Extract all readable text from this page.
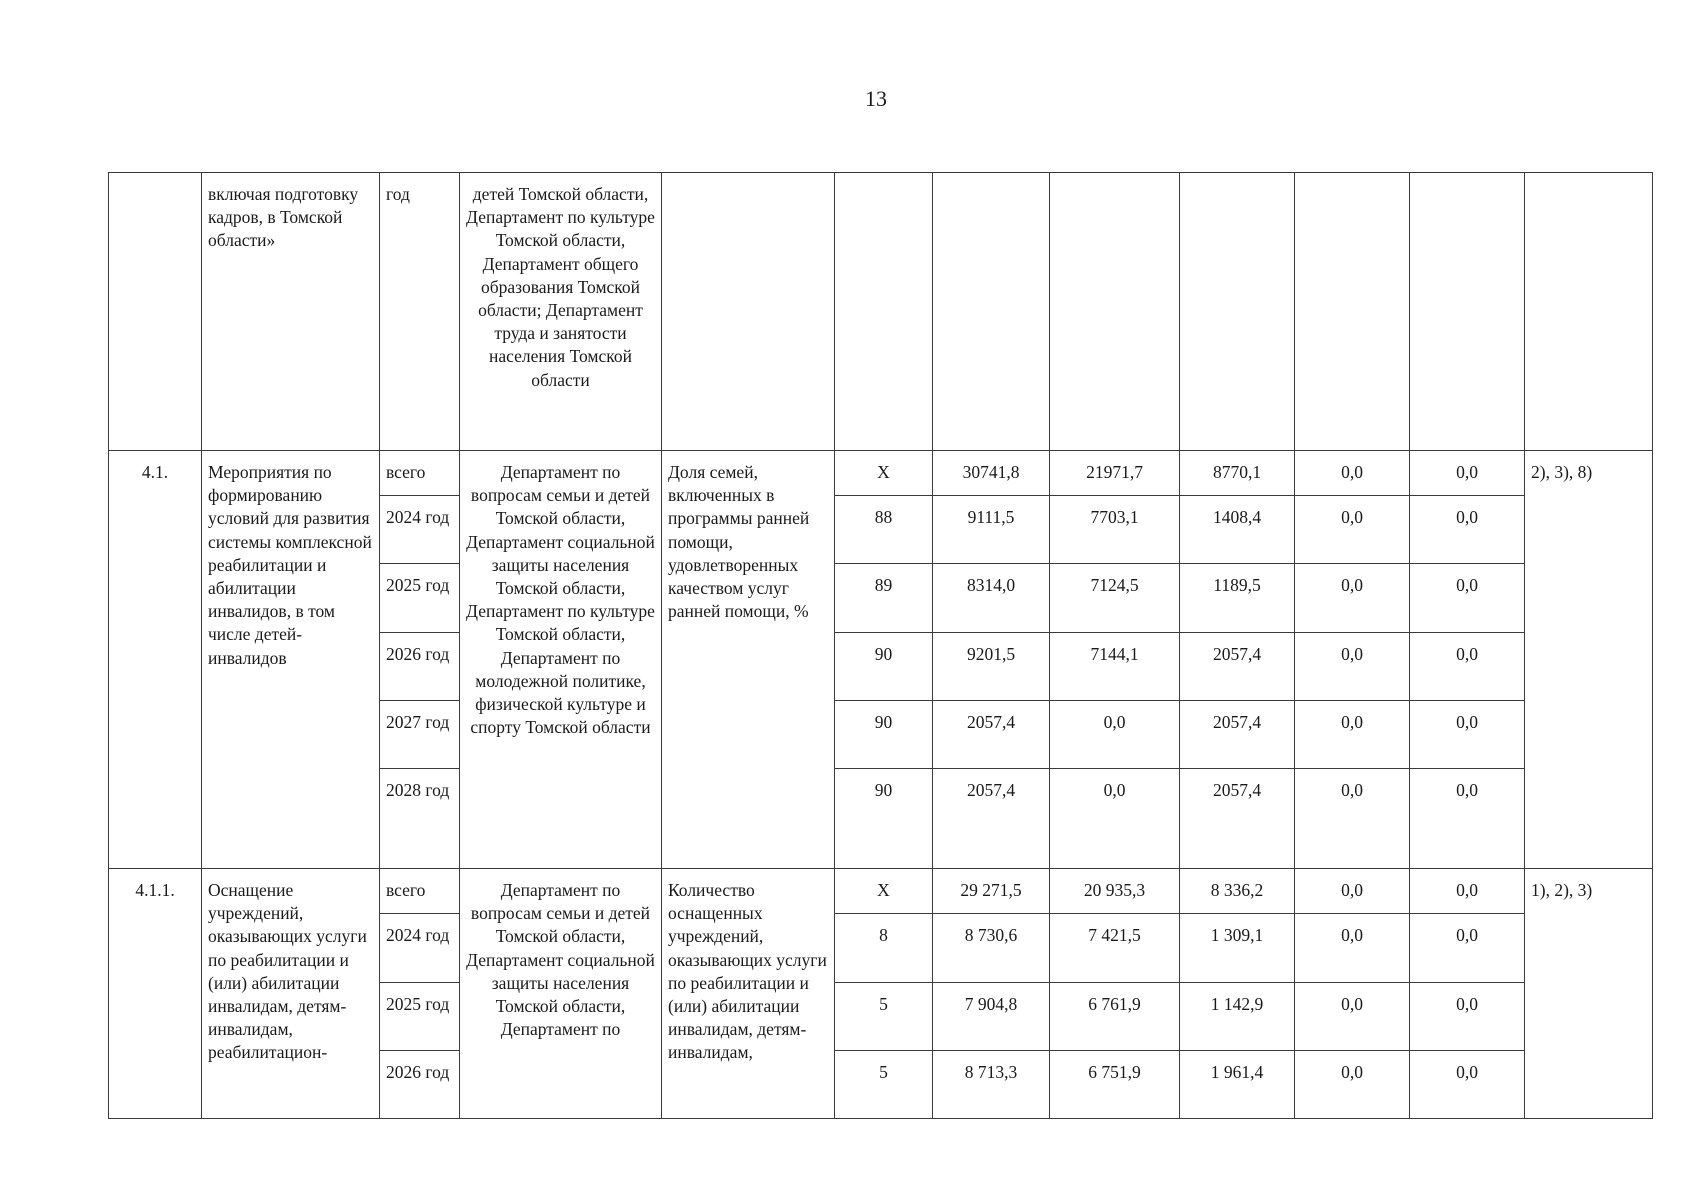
13
	включая подготовку кадров, в Томской области»	год	детей Томской области, Департамент по культуре Томской области, Департамент общего образования Томской области; Департамент труда и занятости населения Томской области								
4.1.	Мероприятия по формированию условий для развития системы комплексной реабилитации и абилитации инвалидов, в том числе детей-инвалидов	всего	Департамент по вопросам семьи и детей Томской области, Департамент социальной защиты населения Томской области, Департамент по культуре Томской области, Департамент по молодежной политике, физической культуре и спорту Томской области	Доля семей, включенных в программы ранней помощи, удовлетворенных качеством услуг ранней помощи, %	Х	30741,8	21971,7	8770,1	0,0	0,0	2), 3), 8)
		2024 год			88	9111,5	7703,1	1408,4	0,0	0,0	
		2025 год			89	8314,0	7124,5	1189,5	0,0	0,0	
		2026 год			90	9201,5	7144,1	2057,4	0,0	0,0	
		2027 год			90	2057,4	0,0	2057,4	0,0	0,0	
		2028 год			90	2057,4	0,0	2057,4	0,0	0,0	
4.1.1.	Оснащение учреждений, оказывающих услуги по реабилитации и (или) абилитации инвалидам, детям-инвалидам, реабилитацион-	всего	Департамент по вопросам семьи и детей Томской области, Департамент социальной защиты населения Томской области, Департамент по	Количество оснащенных учреждений, оказывающих услуги по реабилитации и (или) абилитации инвалидам, детям-инвалидам,	Х	29 271,5	20 935,3	8 336,2	0,0	0,0	1), 2), 3)
		2024 год			8	8 730,6	7 421,5	1 309,1	0,0	0,0	
		2025 год			5	7 904,8	6 761,9	1 142,9	0,0	0,0	
		2026 год			5	8 713,3	6 751,9	1 961,4	0,0	0,0	
